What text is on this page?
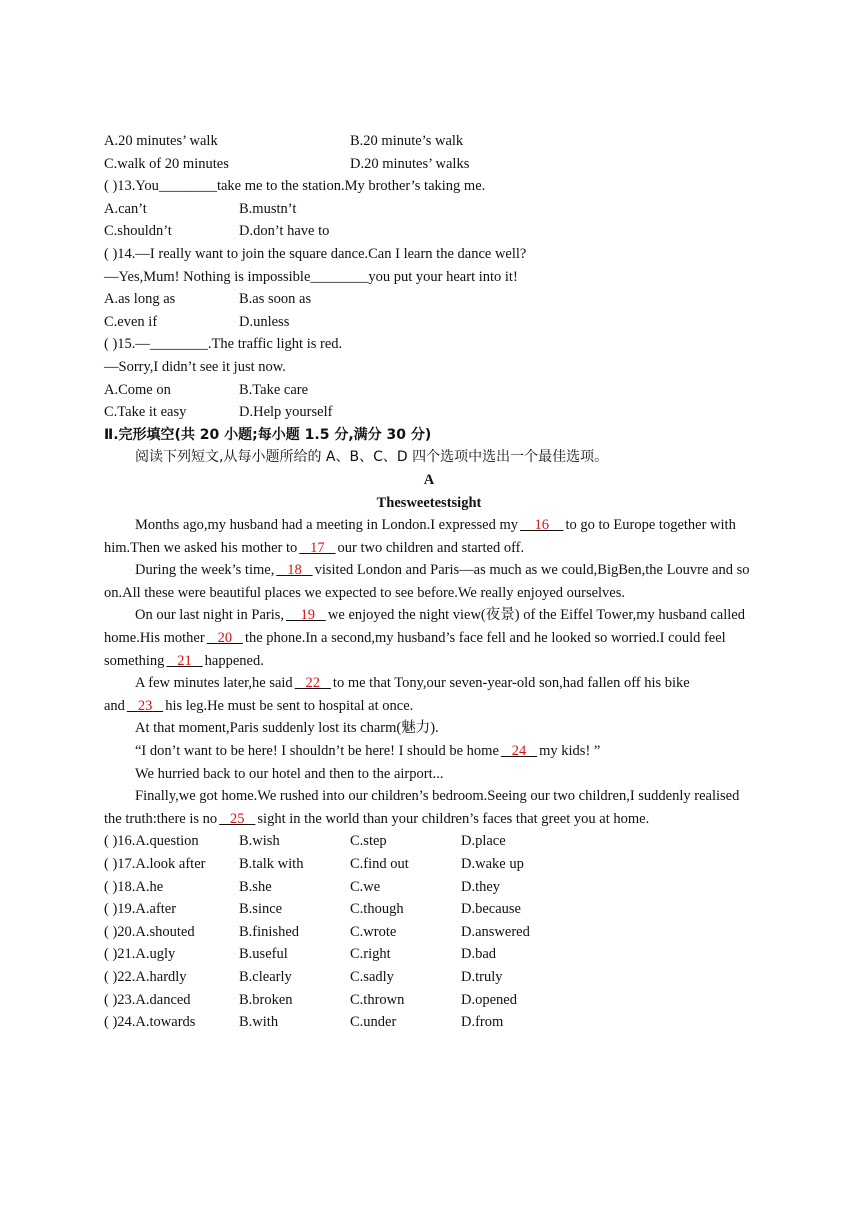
A.20 minutes’ walk	B.20 minute’s walk
C.walk of 20 minutes	D.20 minutes’ walks
( )13.You________take me to the station.My brother’s taking me.
A.can’t	B.mustn’t
C.shouldn’t	D.don’t have to
( )14.—I really want to join the square dance.Can I learn the dance well?
—Yes,Mum! Nothing is impossible________you put your heart into it!
A.as long as	B.as soon as
C.even if	D.unless
( )15.—________.The traffic light is red.
—Sorry,I didn’t see it just now.
A.Come on	B.Take care
C.Take it easy	D.Help yourself
Ⅱ.完形填空(共 20 小题;每小题 1.5 分,满分 30 分)
阅读下列短文,从每小题所给的 A、B、C、D 四个选项中选出一个最佳选项。
A
Thesweetestsight
Months ago,my husband had a meeting in London.I expressed my 16 to go to Europe together with him.Then we asked his mother to 17 our two children and started off.
During the week’s time, 18 visited London and Paris—as much as we could,BigBen,the Louvre and so on.All these were beautiful places we expected to see before.We really enjoyed ourselves.
On our last night in Paris, 19 we enjoyed the night view(夜景) of the Eiffel Tower,my husband called home.His mother 20 the phone.In a second,my husband’s face fell and he looked so worried.I could feel something 21 happened.
A few minutes later,he said 22 to me that Tony,our seven-year-old son,had fallen off his bike and 23 his leg.He must be sent to hospital at once.
At that moment,Paris suddenly lost its charm(魅力).
“I don’t want to be here! I shouldn’t be here! I should be home 24 my kids! ”
We hurried back to our hotel and then to the airport...
Finally,we got home.We rushed into our children’s bedroom.Seeing our two children,I suddenly realised the truth:there is no 25 sight in the world than your children’s faces that greet you at home.
( )16.A.question	B.wish	C.step	D.place
( )17.A.look after B.talk with	C.find out	D.wake up
( )18.A.he	B.she	C.we	D.they
( )19.A.after	B.since	C.though	D.because
( )20.A.shouted	B.finished	C.wrote	D.answered
( )21.A.ugly	B.useful	C.right	D.bad
( )22.A.hardly	B.clearly	C.sadly	D.truly
( )23.A.danced	B.broken	C.thrown	D.opened
( )24.A.towards	B.with	C.under	D.from
